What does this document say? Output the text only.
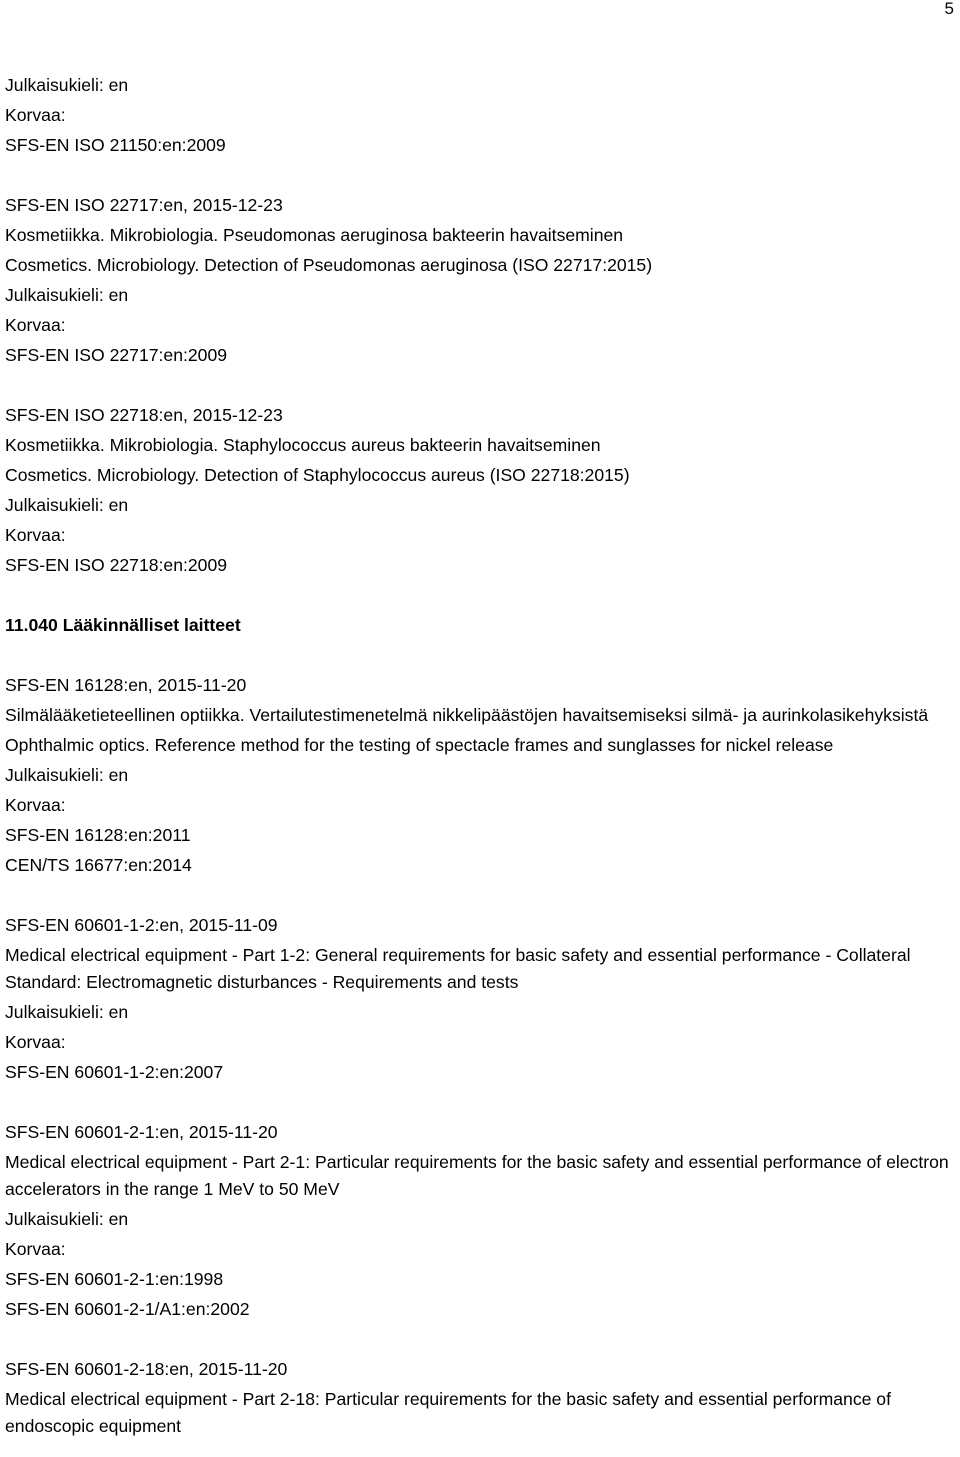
5
Julkaisukieli: en
Korvaa:
SFS-EN ISO 21150:en:2009
SFS-EN ISO 22717:en, 2015-12-23
Kosmetiikka. Mikrobiologia. Pseudomonas aeruginosa bakteerin havaitseminen
Cosmetics. Microbiology. Detection of Pseudomonas aeruginosa (ISO 22717:2015)
Julkaisukieli: en
Korvaa:
SFS-EN ISO 22717:en:2009
SFS-EN ISO 22718:en, 2015-12-23
Kosmetiikka. Mikrobiologia. Staphylococcus aureus bakteerin havaitseminen
Cosmetics. Microbiology. Detection of Staphylococcus aureus (ISO 22718:2015)
Julkaisukieli: en
Korvaa:
SFS-EN ISO 22718:en:2009
11.040 Lääkinnälliset laitteet
SFS-EN 16128:en, 2015-11-20
Silmälääketieteellinen optiikka. Vertailutestimenetelmä nikkelipäästöjen havaitsemiseksi silmä- ja aurinkolasikehyksistä
Ophthalmic optics. Reference method for the testing of spectacle frames and sunglasses for nickel release
Julkaisukieli: en
Korvaa:
SFS-EN 16128:en:2011
CEN/TS 16677:en:2014
SFS-EN 60601-1-2:en, 2015-11-09
Medical electrical equipment - Part 1-2: General requirements for basic safety and essential performance - Collateral Standard: Electromagnetic disturbances - Requirements and tests
Julkaisukieli: en
Korvaa:
SFS-EN 60601-1-2:en:2007
SFS-EN 60601-2-1:en, 2015-11-20
Medical electrical equipment - Part 2-1: Particular requirements for the basic safety and essential performance of electron accelerators in the range 1 MeV to 50 MeV
Julkaisukieli: en
Korvaa:
SFS-EN 60601-2-1:en:1998
SFS-EN 60601-2-1/A1:en:2002
SFS-EN 60601-2-18:en, 2015-11-20
Medical electrical equipment - Part 2-18: Particular requirements for the basic safety and essential performance of endoscopic equipment
